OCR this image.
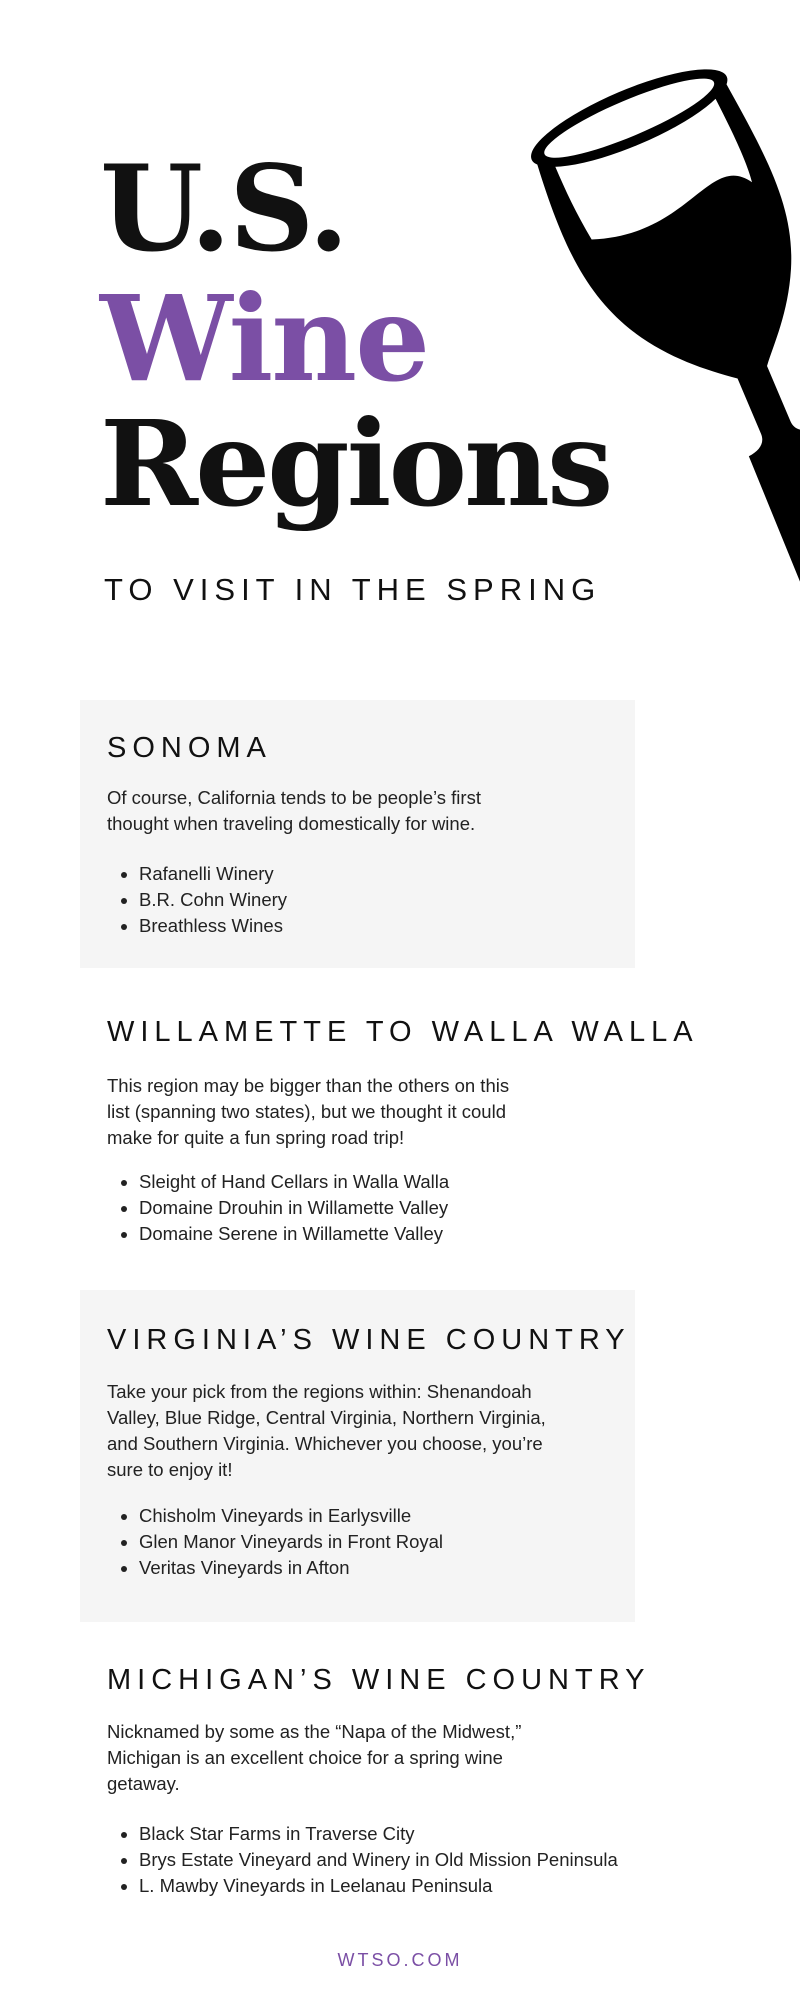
U.S.
Wine
Regions
TO VISIT IN THE SPRING
SONOMA

Of course, California tends to be people’s first thought when traveling domestically for wine.

• Rafanelli Winery
• B.R. Cohn Winery
• Breathless Wines
WILLAMETTE TO WALLA WALLA

This region may be bigger than the others on this list (spanning two states), but we thought it could make for quite a fun spring road trip!

• Sleight of Hand Cellars in Walla Walla
• Domaine Drouhin in Willamette Valley
• Domaine Serene in Willamette Valley
VIRGINIA’S WINE COUNTRY

Take your pick from the regions within: Shenandoah Valley, Blue Ridge, Central Virginia, Northern Virginia, and Southern Virginia. Whichever you choose, you’re sure to enjoy it!

• Chisholm Vineyards in Earlysville
• Glen Manor Vineyards in Front Royal
• Veritas Vineyards in Afton
MICHIGAN’S WINE COUNTRY

Nicknamed by some as the “Napa of the Midwest,” Michigan is an excellent choice for a spring wine getaway.

• Black Star Farms in Traverse City
• Brys Estate Vineyard and Winery in Old Mission Peninsula
• L. Mawby Vineyards in Leelanau Peninsula
WTSO.COM
